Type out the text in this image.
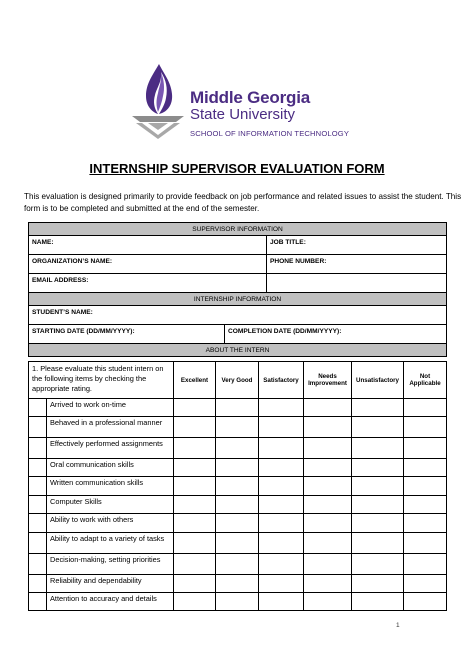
Middle Georgia
State University
SCHOOL OF INFORMATION TECHNOLOGY
INTERNSHIP SUPERVISOR EVALUATION FORM
This evaluation is designed primarily to provide feedback on job performance and related issues to assist the student. This form is to be completed and submitted at the end of the semester.
SUPERVISOR INFORMATION		
NAME:		JOB TITLE:
ORGANIZATION’S NAME:		PHONE NUMBER:
EMAIL ADDRESS:		
INTERNSHIP INFORMATION		
STUDENT’S NAME:		
STARTING DATE (DD/MM/YYYY):	COMPLETION DATE (DD/MM/YYYY):	
ABOUT THE INTERN		
1. Please evaluate this student intern on the following items by checking the appropriate rating.		Excellent	Very Good	Satisfactory	Needs Improvement	Unsatisfactory	Not Applicable
	Arrived to work on-time						
	Behaved in a professional manner						
	Effectively performed assignments						
	Oral communication skills						
	Written communication skills						
	Computer Skills						
	Ability to work with others						
	Ability to adapt to a variety of tasks						
	Decision-making, setting priorities						
	Reliability and dependability						
	Attention to accuracy and details						
1
